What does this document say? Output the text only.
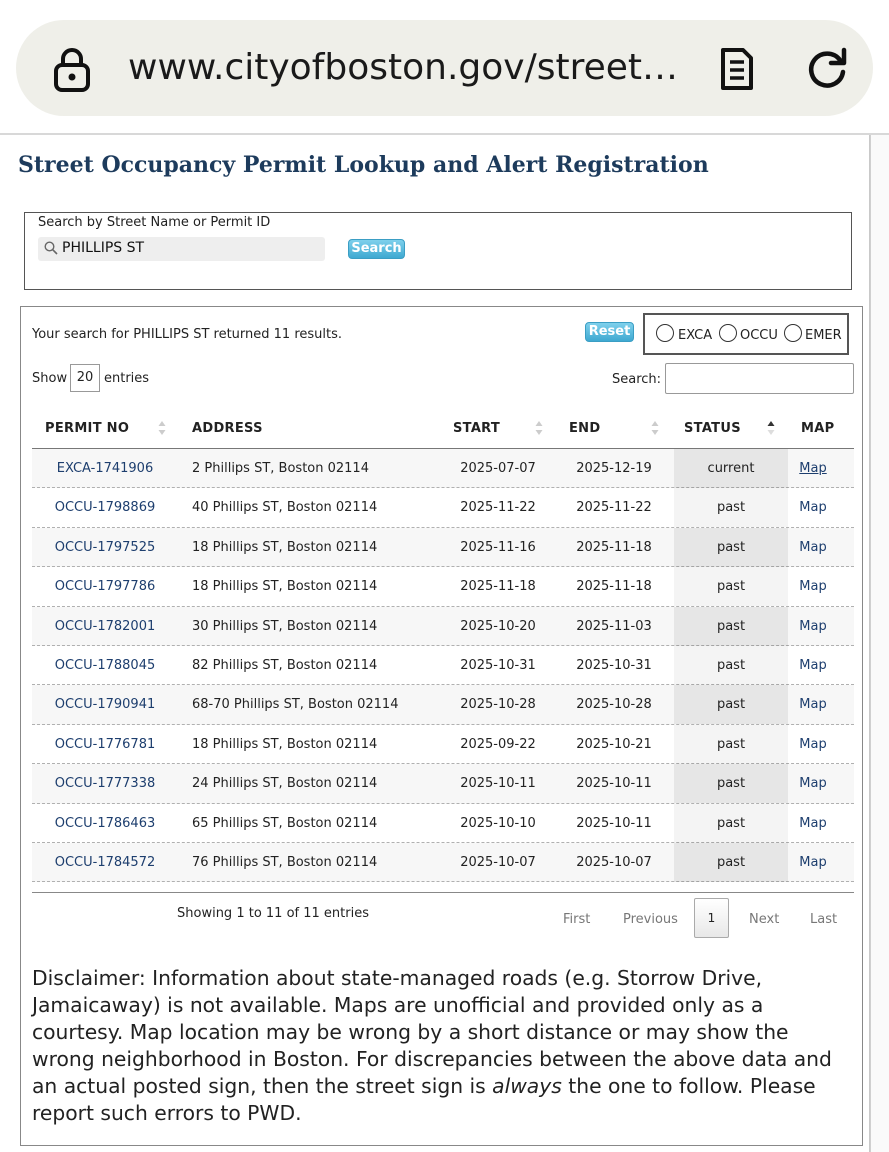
www.cityofboston.gov/street…
Street Occupancy Permit Lookup and Alert Registration
Search by Street Name or Permit ID
PHILLIPS ST	Search
Your search for PHILLIPS ST returned 11 results.	Reset	EXCA OCCU EMER
Show 20 entries	Search:
PERMIT NO	ADDRESS	START	END	STATUS	MAP
EXCA-1741906	2 Phillips ST, Boston 02114	2025-07-07	2025-12-19	current	Map
OCCU-1798869	40 Phillips ST, Boston 02114	2025-11-22	2025-11-22	past	Map
OCCU-1797525	18 Phillips ST, Boston 02114	2025-11-16	2025-11-18	past	Map
OCCU-1797786	18 Phillips ST, Boston 02114	2025-11-18	2025-11-18	past	Map
OCCU-1782001	30 Phillips ST, Boston 02114	2025-10-20	2025-11-03	past	Map
OCCU-1788045	82 Phillips ST, Boston 02114	2025-10-31	2025-10-31	past	Map
OCCU-1790941	68-70 Phillips ST, Boston 02114	2025-10-28	2025-10-28	past	Map
OCCU-1776781	18 Phillips ST, Boston 02114	2025-09-22	2025-10-21	past	Map
OCCU-1777338	24 Phillips ST, Boston 02114	2025-10-11	2025-10-11	past	Map
OCCU-1786463	65 Phillips ST, Boston 02114	2025-10-10	2025-10-11	past	Map
OCCU-1784572	76 Phillips ST, Boston 02114	2025-10-07	2025-10-07	past	Map
Showing 1 to 11 of 11 entries	First	Previous	1	Next Last

Disclaimer: Information about state-managed roads (e.g. Storrow Drive, Jamaicaway) is not available. Maps are unofficial and provided only as a courtesy. Map location may be wrong by a short distance or may show the wrong neighborhood in Boston. For discrepancies between the above data and an actual posted sign, then the street sign is always the one to follow. Please report such errors to PWD.
